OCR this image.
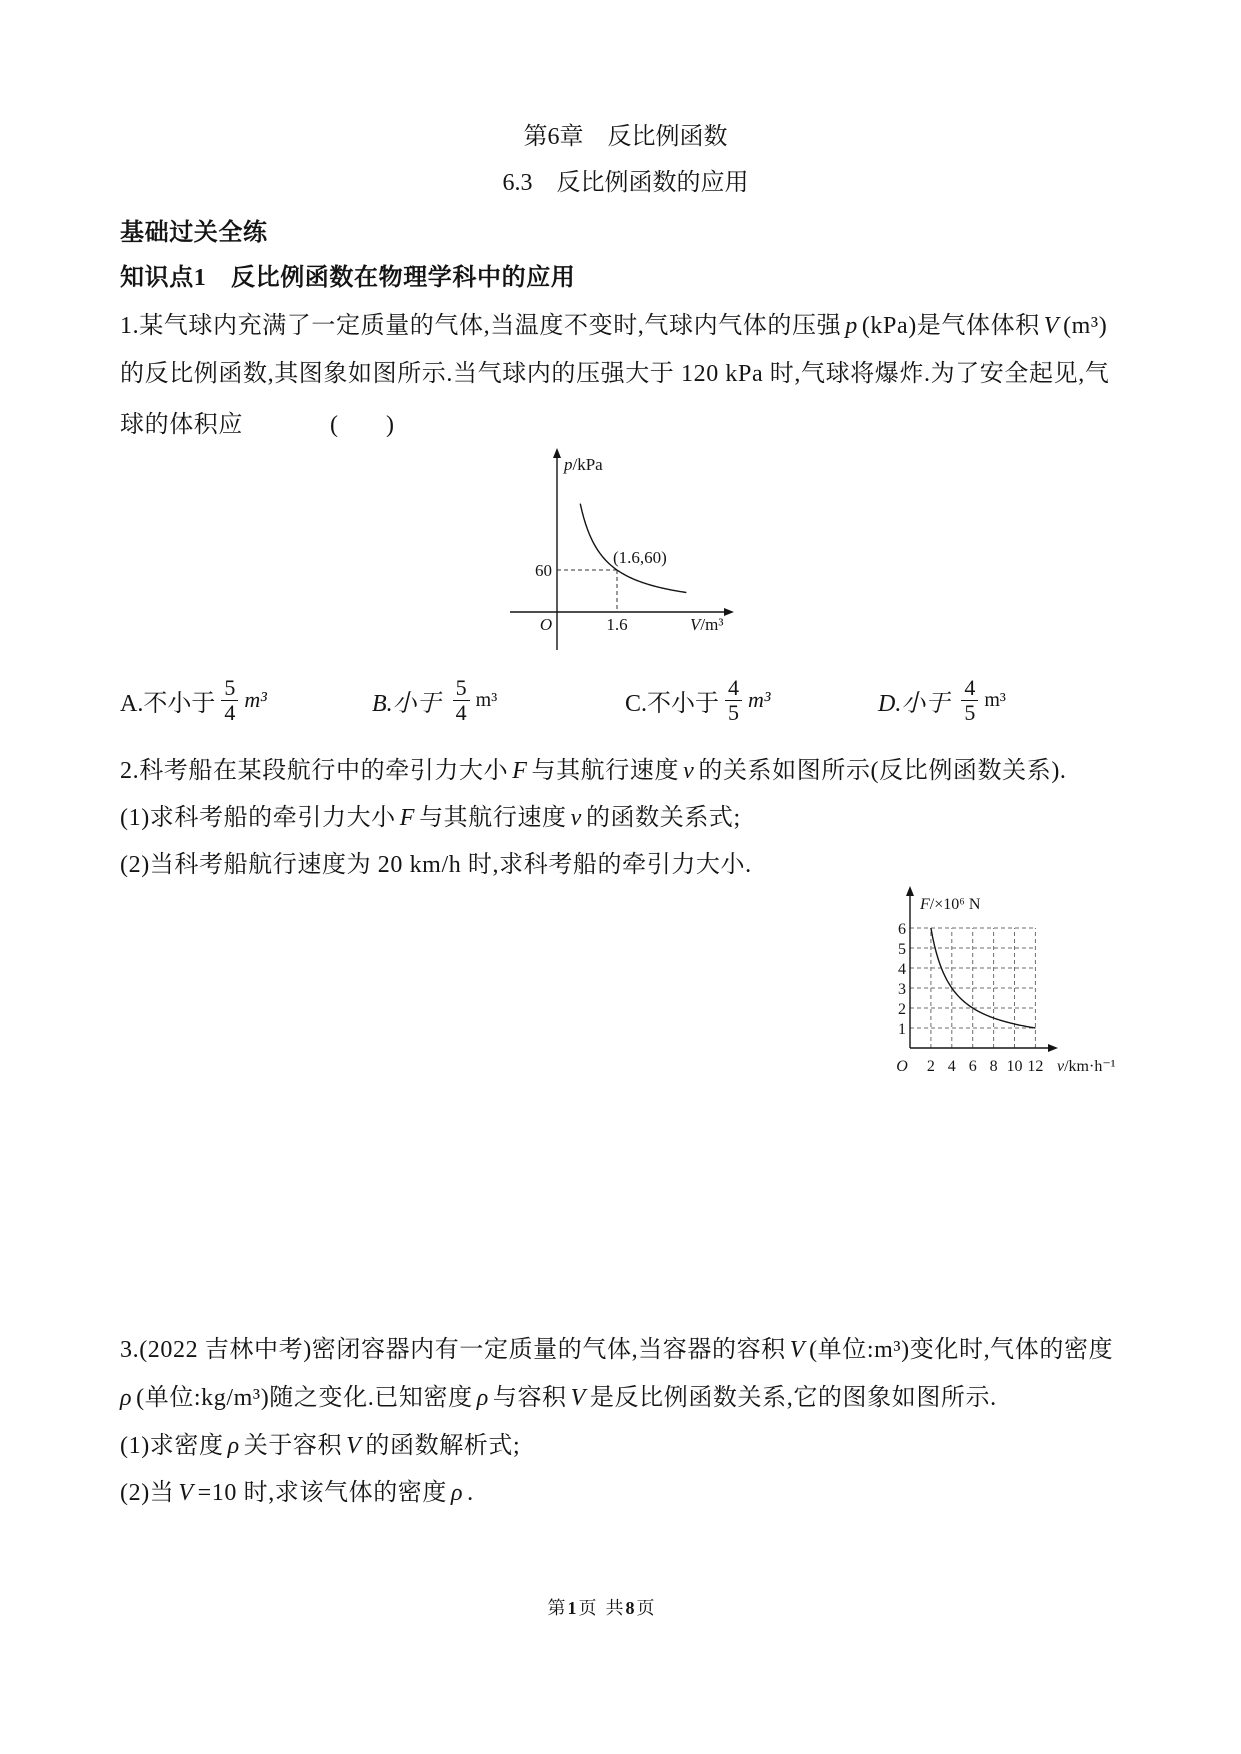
第6章　反比例函数
6.3　反比例函数的应用
基础过关全练
知识点1　反比例函数在物理学科中的应用
1.某气球内充满了一定质量的气体,当温度不变时,气球内气体的压强 p (kPa)是气体体积 V (m³)
的反比例函数,其图象如图所示.当气球内的压强大于 120 kPa 时,气球将爆炸.为了安全起见,气
球的体积应	(　　)
p/kPa
V/m³
O
60
1.6
(1.6,60)
A.不小于 $\frac{5}{4} m^3$	B.小于 $\frac{5}{4} m^3$	C.不小于 $\frac{4}{5} m^3$	D.小于 $\frac{4}{5} m^3$
2.科考船在某段航行中的牵引力大小 F 与其航行速度 v 的关系如图所示(反比例函数关系).
(1)求科考船的牵引力大小 F 与其航行速度 v 的函数关系式;
(2)当科考船航行速度为 20 km/h 时,求科考船的牵引力大小.
F/×10⁶ N
v/km·h⁻¹
O 2 4 6 8 10 12
1
2
3
4
5
6
3.(2022 吉林中考)密闭容器内有一定质量的气体,当容器的容积 V (单位:m³)变化时,气体的密度
ρ (单位:kg/m³)随之变化.已知密度 ρ 与容积 V 是反比例函数关系,它的图象如图所示.
(1)求密度 ρ 关于容积 V 的函数解析式;
(2)当 V =10 时,求该气体的密度 ρ .
第 1 页  共 8 页
